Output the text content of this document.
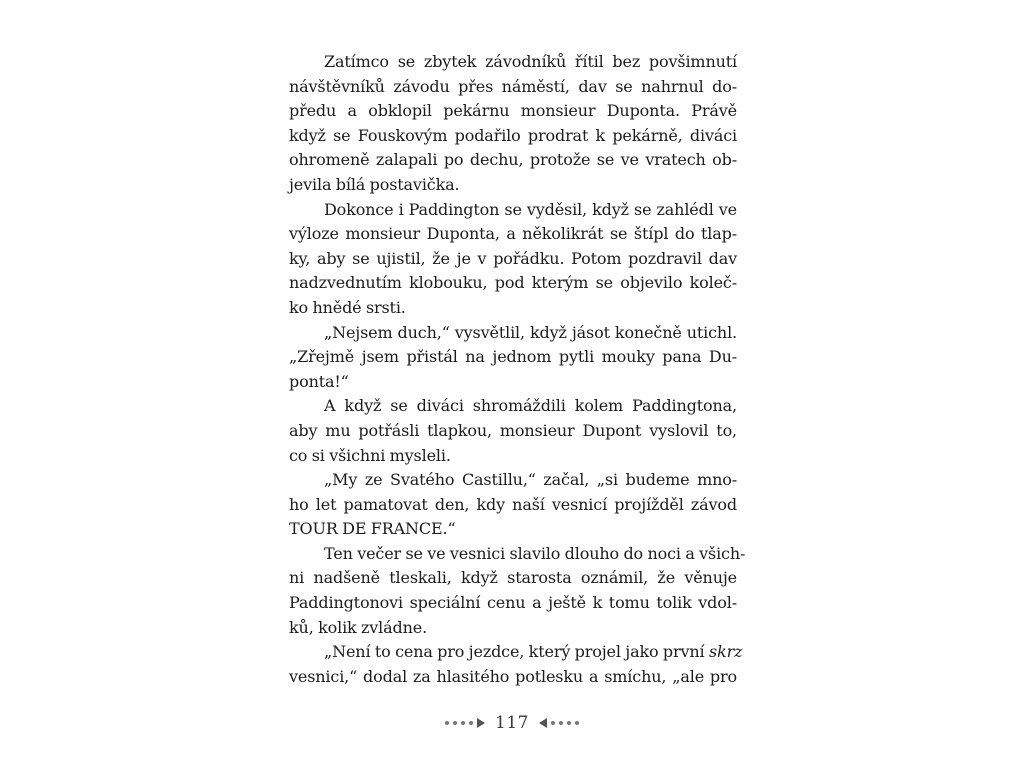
Zatímco se zbytek závodníků řítil bez povšimnutí
návštěvníků závodu přes náměstí, dav se nahrnul do-
předu a obklopil pekárnu monsieur Duponta. Právě
když se Fouskovým podařilo prodrat k pekárně, diváci
ohromeně zalapali po dechu, protože se ve vratech ob-
jevila bílá postavička.
Dokonce i Paddington se vyděsil, když se zahlédl ve
výloze monsieur Duponta, a několikrát se štípl do tlap-
ky, aby se ujistil, že je v pořádku. Potom pozdravil dav
nadzvednutím klobouku, pod kterým se objevilo koleč-
ko hnědé srsti.
„Nejsem duch,“ vysvětlil, když jásot konečně utichl.
„Zřejmě jsem přistál na jednom pytli mouky pana Du-
ponta!“
A když se diváci shromáždili kolem Paddingtona,
aby mu potřásli tlapkou, monsieur Dupont vyslovil to,
co si všichni mysleli.
„My ze Svatého Castillu,“ začal, „si budeme mno-
ho let pamatovat den, kdy naší vesnicí projížděl závod
TOUR DE FRANCE.“
Ten večer se ve vesnici slavilo dlouho do noci a všich-
ni nadšeně tleskali, když starosta oznámil, že věnuje
Paddingtonovi speciální cenu a ještě k tomu tolik vdol-
ků, kolik zvládne.
„Není to cena pro jezdce, který projel jako první skrz
vesnici,“ dodal za hlasitého potlesku a smíchu, „ale pro
117
